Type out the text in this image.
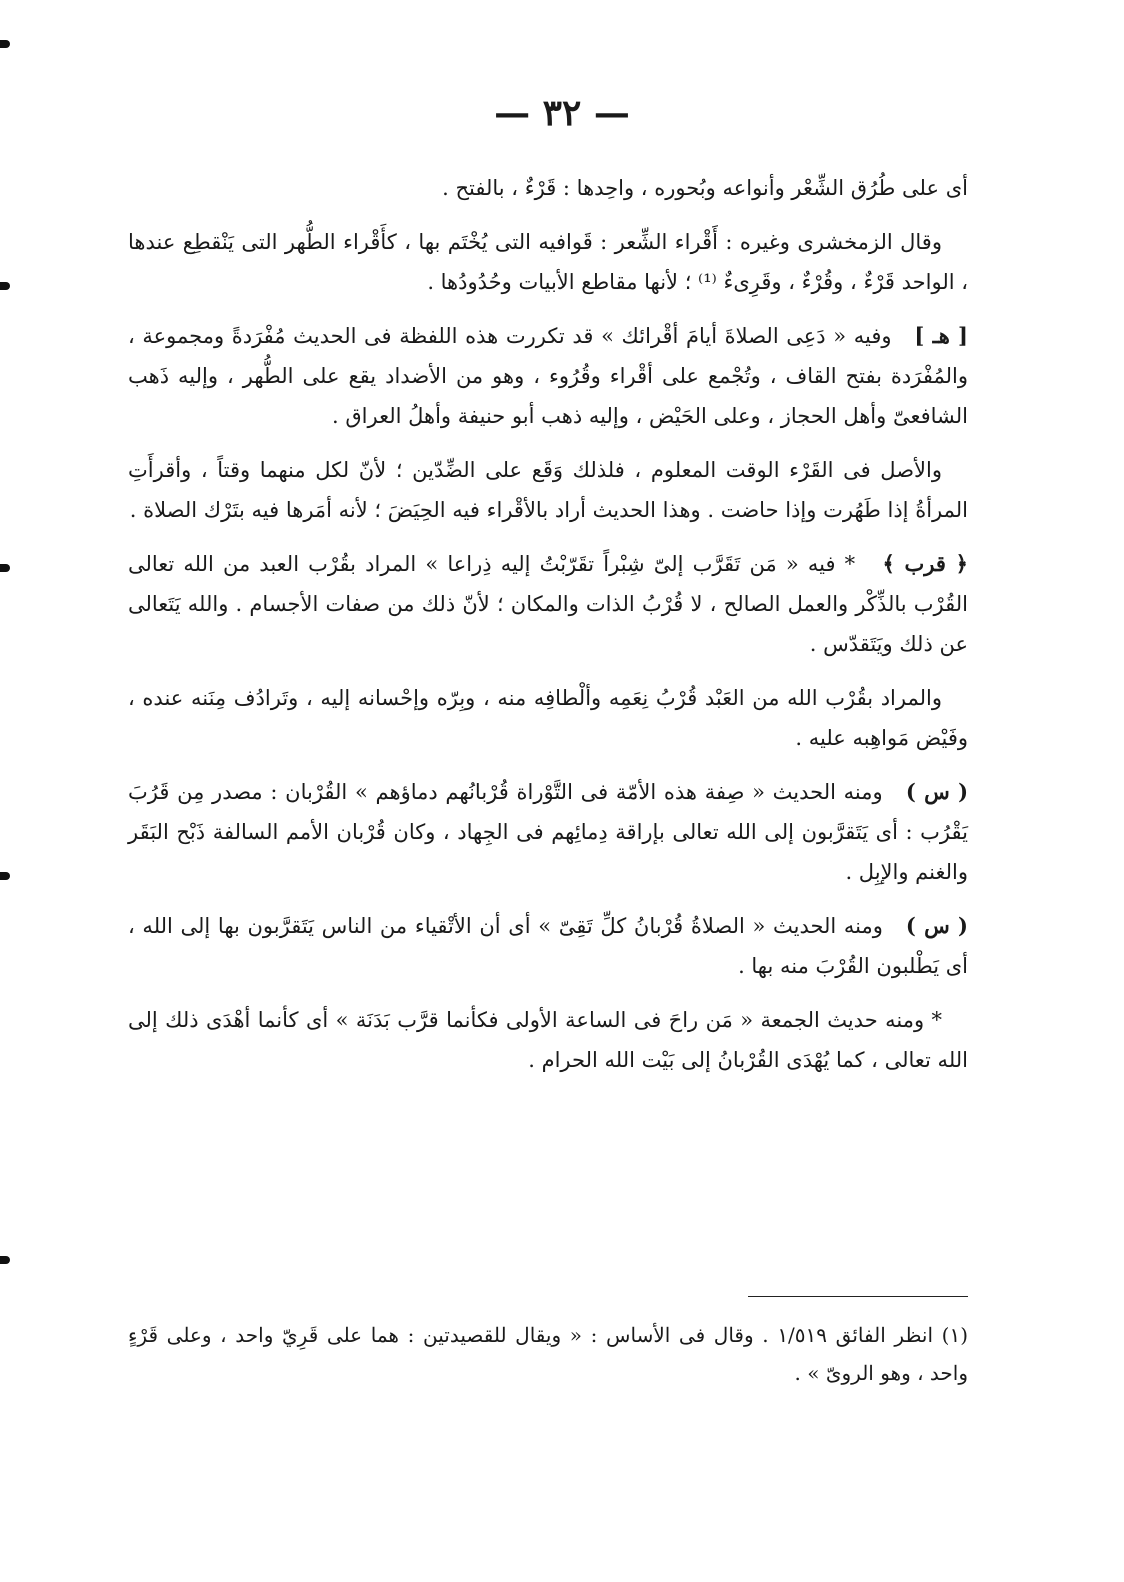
— ٣٢ —

أى على طُرُق الشِّعْر وأنواعه وبُحوره ، واحِدها : قَرْءٌ ، بالفتح .

وقال الزمخشرى وغيره : أَقْراء الشِّعر : قَوافيه التى يُخْتَم بها ، كأَقْراء الطُّهر التى يَنْقطِع عندها ، الواحد قَرْءٌ ، وقُرْءٌ ، وقَرِىءٌ ⁽¹⁾ ؛ لأنها مقاطع الأبيات وحُدُودُها .

[ هـ ]   وفيه « دَعِى الصلاةَ أيامَ أقْرائك » قد تكررت هذه اللفظة فى الحديث مُفْرَدةً ومجموعة ، والمُفْرَدة بفتح القاف ، وتُجْمع على أقْراء وقُرُوء ، وهو من الأضداد يقع على الطُّهر ، وإليه ذَهب الشافعىّ وأهل الحجاز ، وعلى الحَيْض ، وإليه ذهب أبو حنيفة وأهلُ العراق .

والأصل فى القَرْء الوقت المعلوم ، فلذلك وَقَع على الضِّدّين ؛ لأنّ لكل منهما وقتاً ، وأقرأَتِ المرأةُ إذا طَهُرت وإذا حاضت . وهذا الحديث أراد بالأقْراء فيه الحِيَضَ ؛ لأنه أمَرها فيه بتَرْك الصلاة .

﴿ قرب ﴾   * فيه « مَن تَقَرَّب إلىّ شِبْراً تقَرّبْتُ إليه ذِراعا » المراد بقُرْب العبد من الله تعالى القُرْب بالذِّكْر والعمل الصالح ، لا قُرْبُ الذات والمكان ؛ لأنّ ذلك من صفات الأجسام . والله يَتَعالى عن ذلك ويَتَقدّس .

والمراد بقُرْب الله من العَبْد قُرْبُ نِعَمِه وألْطافِه منه ، وبِرّه وإحْسانه إليه ، وتَرادُف مِنَنه عنده ، وفَيْض مَواهِبه عليه .

( س )   ومنه الحديث « صِفة هذه الأمّة فى التَّوْراة قُرْبانُهم دماؤهم » القُرْبان : مصدر مِن قَرُبَ يَقْرُب : أى يَتَقرَّبون إلى الله تعالى بإراقة دِمائِهم فى الجِهاد ، وكان قُرْبان الأمم السالفة ذَبْح البَقَر والغنم والإبِل .

( س )   ومنه الحديث « الصلاةُ قُرْبانُ كلِّ تَقِىّ » أى أن الأتْقياء من الناس يَتَقرَّبون بها إلى الله ، أى يَطْلبون القُرْبَ منه بها .

* ومنه حديث الجمعة « مَن راحَ فى الساعة الأولى فكأنما قرَّب بَدَنَة » أى كأنما أهْدَى ذلك إلى الله تعالى ، كما يُهْدَى القُرْبانُ إلى بَيْت الله الحرام .

(١) انظر الفائق ١/٥١٩ . وقال فى الأساس : « ويقال للقصيدتين : هما على قَرِيّ واحد ، وعلى قَرْءٍ واحد ، وهو الروىّ » .
